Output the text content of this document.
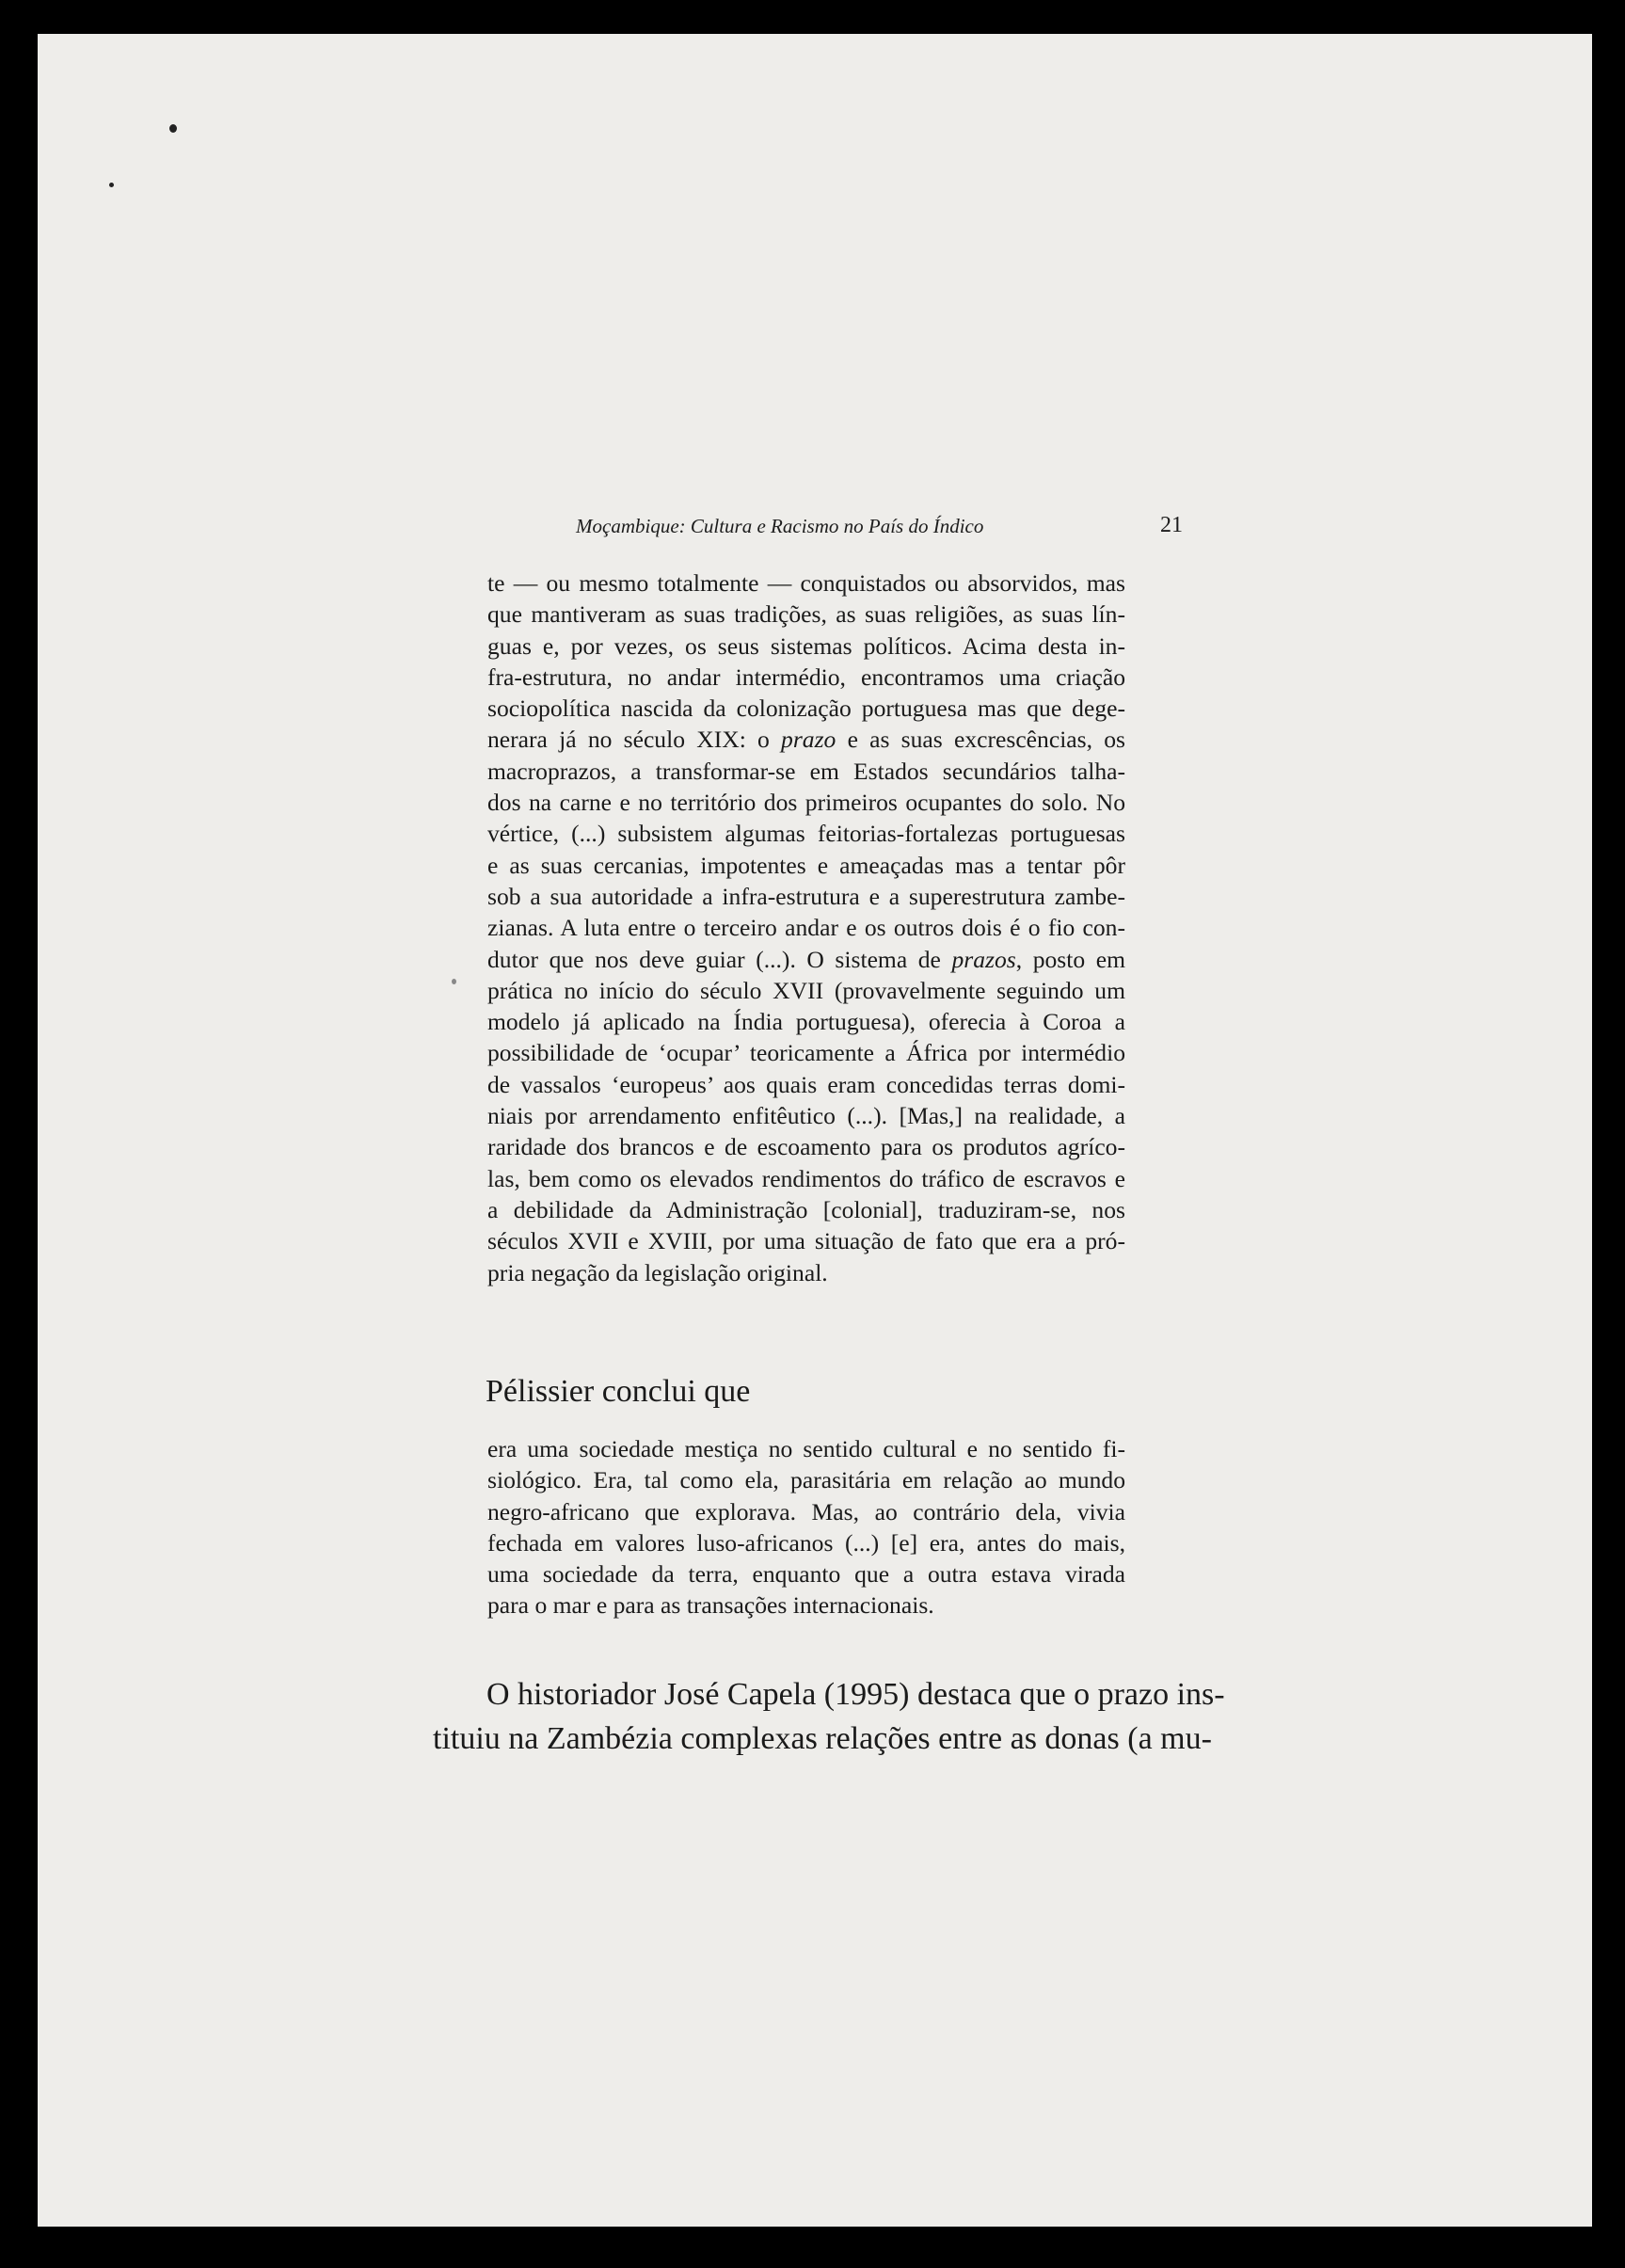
Moçambique: Cultura e Racismo no País do Índico	21
te — ou mesmo totalmente — conquistados ou absorvidos, mas
que mantiveram as suas tradições, as suas religiões, as suas lín-
guas e, por vezes, os seus sistemas políticos. Acima desta in-
fra-estrutura, no andar intermédio, encontramos uma criação
sociopolítica nascida da colonização portuguesa mas que dege-
nerara já no século XIX: o prazo e as suas excrescências, os
macroprazos, a transformar-se em Estados secundários talha-
dos na carne e no território dos primeiros ocupantes do solo. No
vértice, (...) subsistem algumas feitorias-fortalezas portuguesas
e as suas cercanias, impotentes e ameaçadas mas a tentar pôr
sob a sua autoridade a infra-estrutura e a superestrutura zambe-
zianas. A luta entre o terceiro andar e os outros dois é o fio con-
dutor que nos deve guiar (...). O sistema de prazos, posto em
prática no início do século XVII (provavelmente seguindo um
modelo já aplicado na Índia portuguesa), oferecia à Coroa a
possibilidade de ‘ocupar’ teoricamente a África por intermédio
de vassalos ‘europeus’ aos quais eram concedidas terras domi-
niais por arrendamento enfitêutico (...). [Mas,] na realidade, a
raridade dos brancos e de escoamento para os produtos agríco-
las, bem como os elevados rendimentos do tráfico de escravos e
a debilidade da Administração [colonial], traduziram-se, nos
séculos XVII e XVIII, por uma situação de fato que era a pró-
pria negação da legislação original.
Pélissier conclui que
era uma sociedade mestiça no sentido cultural e no sentido fi-
siológico. Era, tal como ela, parasitária em relação ao mundo
negro-africano que explorava. Mas, ao contrário dela, vivia
fechada em valores luso-africanos (...) [e] era, antes do mais,
uma sociedade da terra, enquanto que a outra estava virada
para o mar e para as transações internacionais.
O historiador José Capela (1995) destaca que o prazo ins-
tituiu na Zambézia complexas relações entre as donas (a mu-
